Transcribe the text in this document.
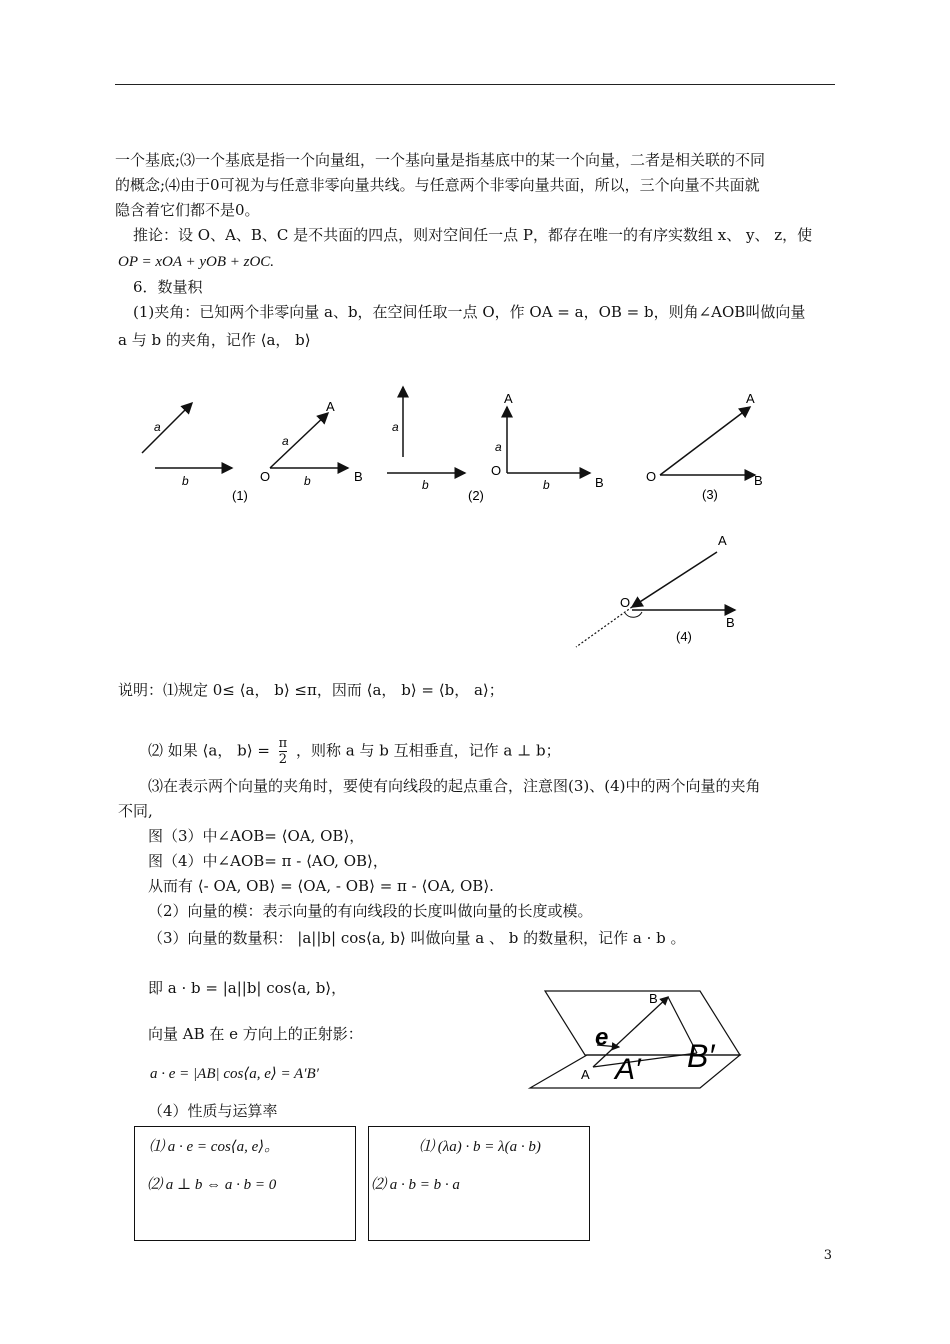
一个基底;⑶一个基底是指一个向量组，一个基向量是指基底中的某一个向量，二者是相关联的不同
的概念;⑷由于0可视为与任意非零向量共线。与任意两个非零向量共面，所以，三个向量不共面就
隐含着它们都不是0。
推论：设 O、A、B、C 是不共面的四点，则对空间任一点 P，都存在唯一的有序实数组 x、 y、 z，使
OP = xOA + yOB + zOC.
6．数量积
(1)夹角：已知两个非零向量 a、b，在空间任取一点 O，作 OA = a，OB = b，则角∠AOB叫做向量
a 与 b 的夹角，记作 ⟨a， b⟩
a
b
A
O	B
a
b
(1)
a
b
A
O
B
a
b
(2)
A
O	B
(3)
A
O
B
(4)
说明：⑴规定 0≤ ⟨a， b⟩ ≤π，因而 ⟨a， b⟩ = ⟨b， a⟩；
⑵ 如果 ⟨a， b⟩ = $\frac{\pi}{2}$ ，则称 a 与 b 互相垂直，记作 a ⊥ b；
⑶在表示两个向量的夹角时，要使有向线段的起点重合，注意图(3)、(4)中的两个向量的夹角
不同,
图（3）中∠AOB= ⟨OA, OB⟩，
图（4）中∠AOB= π - ⟨AO, OB⟩，
从而有 ⟨- OA, OB⟩ = ⟨OA, - OB⟩ = π - ⟨OA, OB⟩.
（2）向量的模：表示向量的有向线段的长度叫做向量的长度或模。
（3）向量的数量积： |a||b| cos⟨a, b⟩ 叫做向量 a 、 b 的数量积，记作 a · b 。
即 a · b = |a||b| cos⟨a, b⟩，
向量 AB 在 e 方向上的正射影：
a · e = |AB| cos⟨a, e⟩ = A′B′
B
A
e
A′ B′
（4）性质与运算率
⑴ a · e = cos⟨a, e⟩。
⑵ a ⊥ b ⇔ a · b = 0
⑴ (λa) · b = λ(a · b)
⑵ a · b = b · a
3
